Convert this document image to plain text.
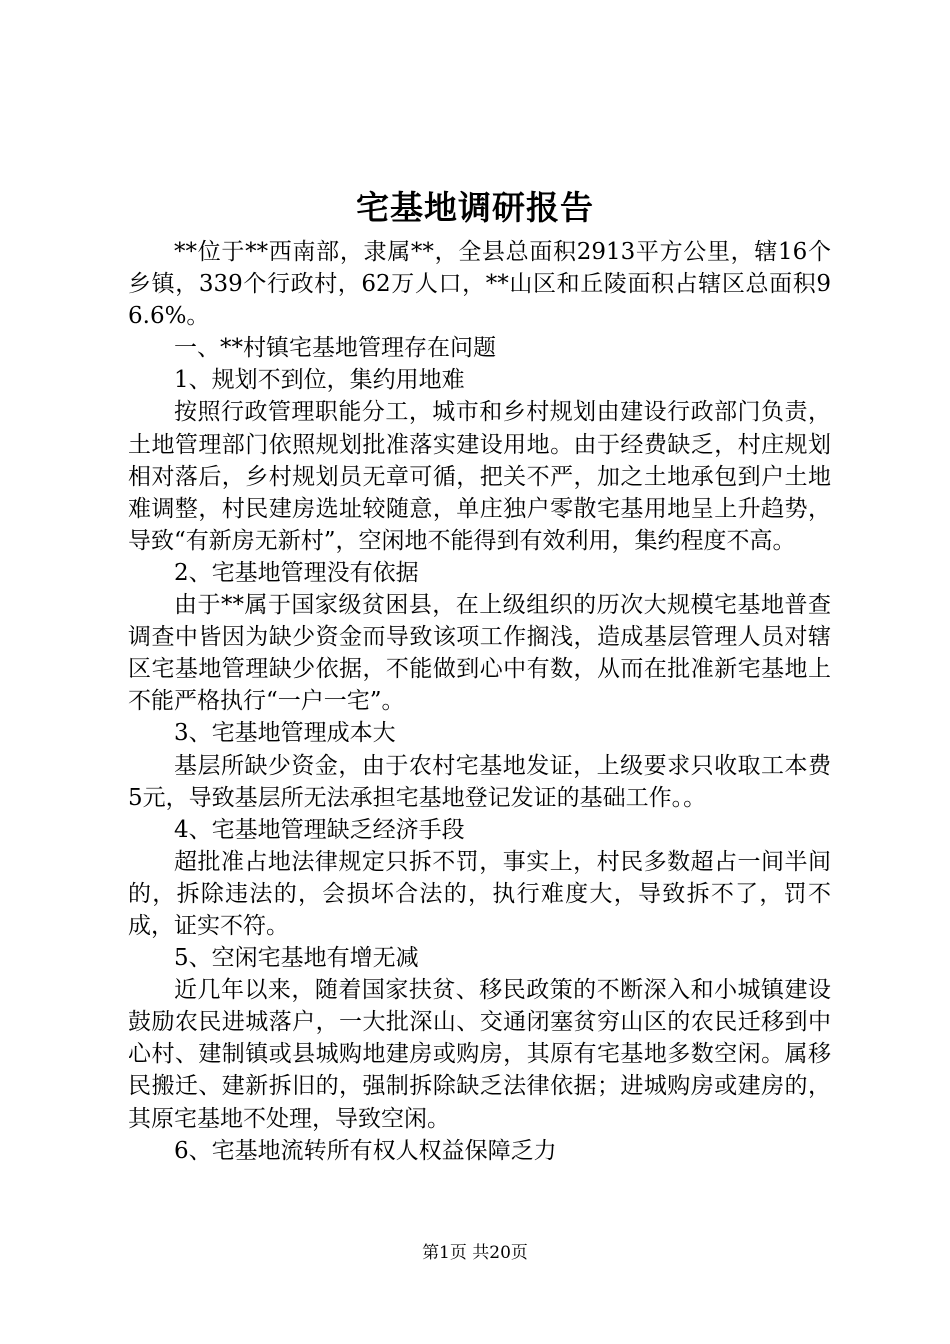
宅基地调研报告

**位于**西南部，隶属**，全县总面积2913平方公里，辖16个乡镇，339个行政村，62万人口，**山区和丘陵面积占辖区总面积96.6%。

一、**村镇宅基地管理存在问题

1、规划不到位，集约用地难

按照行政管理职能分工，城市和乡村规划由建设行政部门负责，土地管理部门依照规划批准落实建设用地。由于经费缺乏，村庄规划相对落后，乡村规划员无章可循，把关不严，加之土地承包到户土地难调整，村民建房选址较随意，单庄独户零散宅基用地呈上升趋势，导致“有新房无新村”，空闲地不能得到有效利用，集约程度不高。

2、宅基地管理没有依据

由于**属于国家级贫困县，在上级组织的历次大规模宅基地普查调查中皆因为缺少资金而导致该项工作搁浅，造成基层管理人员对辖区宅基地管理缺少依据，不能做到心中有数，从而在批准新宅基地上不能严格执行“一户一宅”。

3、宅基地管理成本大

基层所缺少资金，由于农村宅基地发证，上级要求只收取工本费5元，导致基层所无法承担宅基地登记发证的基础工作。。

4、宅基地管理缺乏经济手段

超批准占地法律规定只拆不罚，事实上，村民多数超占一间半间的，拆除违法的，会损坏合法的，执行难度大，导致拆不了，罚不成，证实不符。

5、空闲宅基地有增无减

近几年以来，随着国家扶贫、移民政策的不断深入和小城镇建设鼓励农民进城落户，一大批深山、交通闭塞贫穷山区的农民迁移到中心村、建制镇或县城购地建房或购房，其原有宅基地多数空闲。属移民搬迁、建新拆旧的，强制拆除缺乏法律依据；进城购房或建房的，其原宅基地不处理，导致空闲。

6、宅基地流转所有权人权益保障乏力

第1页 共20页
